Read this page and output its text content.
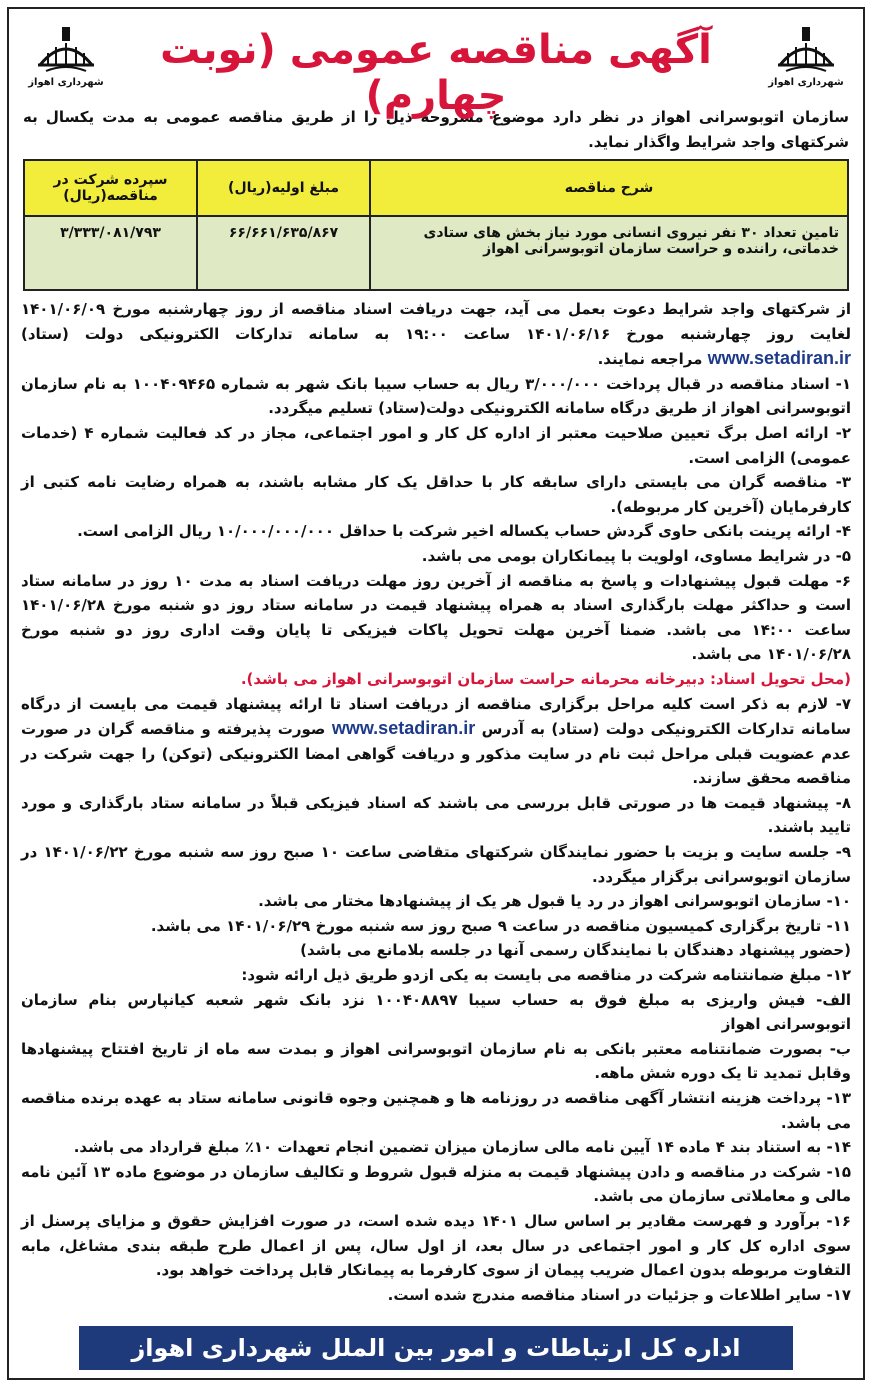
شهرداری اهواز
آگهی مناقصه عمومی (نوبت چهارم)
شهرداری اهواز
سازمان اتوبوسرانی اهواز در نظر دارد موضوع مشروحه ذیل را از طریق مناقصه عمومی به مدت یکسال به شرکتهای واجد شرایط واگذار نماید.
شرح مناقصه	مبلغ اولیه(ریال)	سپرده شرکت در مناقصه(ریال)
تامین تعداد ۳۰ نفر نیروی انسانی مورد نیاز بخش های ستادی خدماتی، راننده و حراست سازمان اتوبوسرانی اهواز	۶۶/۶۶۱/۶۳۵/۸۶۷	۳/۳۳۳/۰۸۱/۷۹۳

از شرکتهای واجد شرایط دعوت بعمل می آید، جهت دریافت اسناد مناقصه از روز چهارشنبه مورخ ۱۴۰۱/۰۶/۰۹ لغایت روز چهارشنبه مورخ ۱۴۰۱/۰۶/۱۶ ساعت ۱۹:۰۰ به سامانه تدارکات الکترونیکی دولت (ستاد) www.setadiran.ir مراجعه نمایند.

۱- اسناد مناقصه در قبال پرداخت ۳/۰۰۰/۰۰۰ ریال به حساب سیبا بانک شهر به شماره ۱۰۰۴۰۹۴۶۵ به نام سازمان اتوبوسرانی اهواز از طریق درگاه سامانه الکترونیکی دولت(ستاد) تسلیم میگردد.

۲- ارائه اصل برگ تعیین صلاحیت معتبر از اداره کل کار و امور اجتماعی، مجاز در کد فعالیت شماره ۴ (خدمات عمومی) الزامی است.

۳- مناقصه گران می بایستی دارای سابقه کار با حداقل یک کار مشابه باشند، به همراه رضایت نامه کتبی از کارفرمایان (آخرین کار مربوطه).

۴- ارائه پرینت بانکی حاوی گردش حساب یکساله اخیر شرکت با حداقل ۱۰/۰۰۰/۰۰۰/۰۰۰ ریال الزامی است.

۵- در شرایط مساوی، اولویت با پیمانکاران بومی می باشد.

۶- مهلت قبول پیشنهادات و پاسخ به مناقصه از آخرین روز مهلت دریافت اسناد به مدت ۱۰ روز در سامانه ستاد است و حداکثر مهلت بارگذاری اسناد به همراه پیشنهاد قیمت در سامانه ستاد روز دو شنبه مورخ ۱۴۰۱/۰۶/۲۸ ساعت ۱۴:۰۰ می باشد. ضمنا آخرین مهلت تحویل پاکات فیزیکی تا پایان وقت اداری روز دو شنبه مورخ ۱۴۰۱/۰۶/۲۸ می باشد.

(محل تحویل اسناد: دبیرخانه محرمانه حراست سازمان اتوبوسرانی اهواز می باشد).

۷- لازم به ذکر است کلیه مراحل برگزاری مناقصه از دریافت اسناد تا ارائه پیشنهاد قیمت می بایست از درگاه سامانه تدارکات الکترونیکی دولت (ستاد) به آدرس www.setadiran.ir صورت پذیرفته و مناقصه گران در صورت عدم عضویت قبلی مراحل ثبت نام در سایت مذکور و دریافت گواهی امضا الکترونیکی (توکن) را جهت شرکت در مناقصه محقق سازند.

۸- پیشنهاد قیمت ها در صورتی قابل بررسی می باشند که اسناد فیزیکی قبلاً در سامانه ستاد بارگذاری و مورد تایید باشند.

۹- جلسه سایت و بزیت با حضور نمایندگان شرکتهای متقاضی ساعت ۱۰ صبح روز سه شنبه مورخ ۱۴۰۱/۰۶/۲۲ در سازمان اتوبوسرانی برگزار میگردد.

۱۰- سازمان اتوبوسرانی اهواز در رد یا قبول هر یک از پیشنهادها مختار می باشد.

۱۱- تاریخ برگزاری کمیسیون مناقصه در ساعت ۹ صبح روز سه شنبه مورخ ۱۴۰۱/۰۶/۲۹ می باشد.

(حضور پیشنهاد دهندگان با نمایندگان رسمی آنها در جلسه بلامانع می باشد)

۱۲- مبلغ ضمانتنامه شرکت در مناقصه می بایست به یکی ازدو طریق ذیل ارائه شود:

الف- فیش واریزی به مبلغ فوق به حساب سیبا ۱۰۰۴۰۸۸۹۷ نزد بانک شهر شعبه کیانپارس بنام سازمان اتوبوسرانی اهواز

ب- بصورت ضمانتنامه معتبر بانکی به نام سازمان اتوبوسرانی اهواز و بمدت سه ماه از تاریخ افتتاح پیشنهادها وقابل تمدید تا یک دوره شش ماهه.

۱۳- پرداخت هزینه انتشار آگهی مناقصه در روزنامه ها و همچنین وجوه قانونی سامانه ستاد به عهده برنده مناقصه می باشد.

۱۴- به استناد بند ۴ ماده ۱۴ آیین نامه مالی سازمان میزان تضمین انجام تعهدات ۱۰٪ مبلغ قرارداد می باشد.

۱۵- شرکت در مناقصه و دادن پیشنهاد قیمت به منزله قبول شروط و تکالیف سازمان در موضوع ماده ۱۳ آئین نامه مالی و معاملاتی سازمان می باشد.

۱۶- برآورد و فهرست مقادیر بر اساس سال ۱۴۰۱ دیده شده است، در صورت افزایش حقوق و مزایای پرسنل از سوی اداره کل کار و امور اجتماعی در سال بعد، از اول سال، پس از اعمال طرح طبقه بندی مشاغل، مابه التفاوت مربوطه بدون اعمال ضریب پیمان از سوی کارفرما به پیمانکار قابل پرداخت خواهد بود.

۱۷- سایر اطلاعات و جزئیات در اسناد مناقصه مندرج شده است.

اداره کل ارتباطات و امور بین الملل شهرداری اهواز
